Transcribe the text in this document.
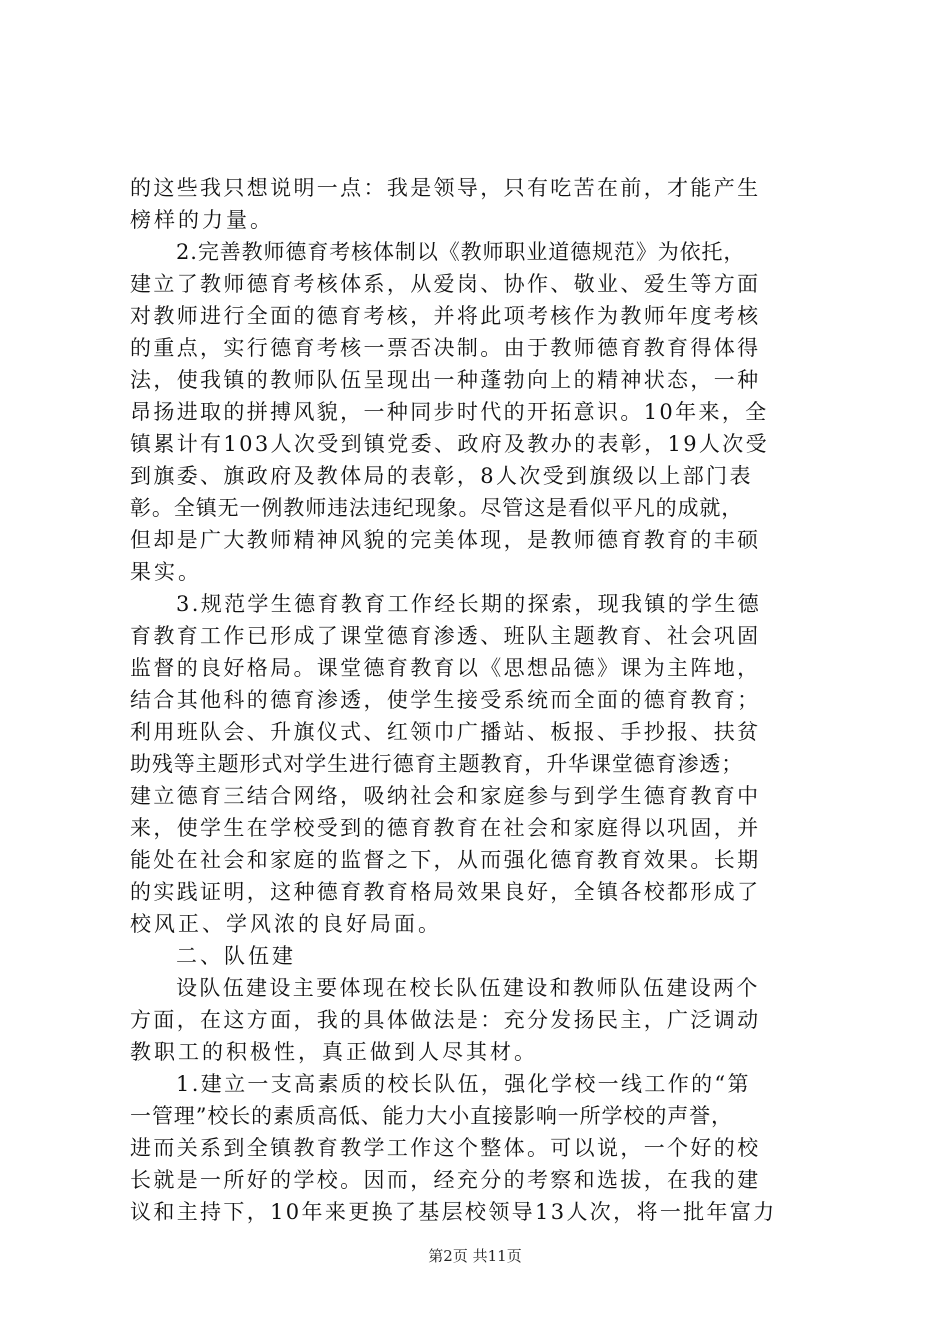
的这些我只想说明一点：我是领导，只有吃苦在前，才能产生
榜样的力量。
2.完善教师德育考核体制以《教师职业道德规范》为依托，
建立了教师德育考核体系，从爱岗、协作、敬业、爱生等方面
对教师进行全面的德育考核，并将此项考核作为教师年度考核
的重点，实行德育考核一票否决制。由于教师德育教育得体得
法，使我镇的教师队伍呈现出一种蓬勃向上的精神状态，一种
昂扬进取的拼搏风貌，一种同步时代的开拓意识。10年来，全
镇累计有103人次受到镇党委、政府及教办的表彰，19人次受
到旗委、旗政府及教体局的表彰，8人次受到旗级以上部门表
彰。全镇无一例教师违法违纪现象。尽管这是看似平凡的成就，
但却是广大教师精神风貌的完美体现，是教师德育教育的丰硕
果实。
3.规范学生德育教育工作经长期的探索，现我镇的学生德
育教育工作已形成了课堂德育渗透、班队主题教育、社会巩固
监督的良好格局。课堂德育教育以《思想品德》课为主阵地，
结合其他科的德育渗透，使学生接受系统而全面的德育教育；
利用班队会、升旗仪式、红领巾广播站、板报、手抄报、扶贫
助残等主题形式对学生进行德育主题教育，升华课堂德育渗透；
建立德育三结合网络，吸纳社会和家庭参与到学生德育教育中
来，使学生在学校受到的德育教育在社会和家庭得以巩固，并
能处在社会和家庭的监督之下，从而强化德育教育效果。长期
的实践证明，这种德育教育格局效果良好，全镇各校都形成了
校风正、学风浓的良好局面。
二、队伍建
设队伍建设主要体现在校长队伍建设和教师队伍建设两个
方面，在这方面，我的具体做法是：充分发扬民主，广泛调动
教职工的积极性，真正做到人尽其材。
1.建立一支高素质的校长队伍，强化学校一线工作的“第
一管理”校长的素质高低、能力大小直接影响一所学校的声誉，
进而关系到全镇教育教学工作这个整体。可以说，一个好的校
长就是一所好的学校。因而，经充分的考察和选拔，在我的建
议和主持下，10年来更换了基层校领导13人次，将一批年富力
第2页 共11页
